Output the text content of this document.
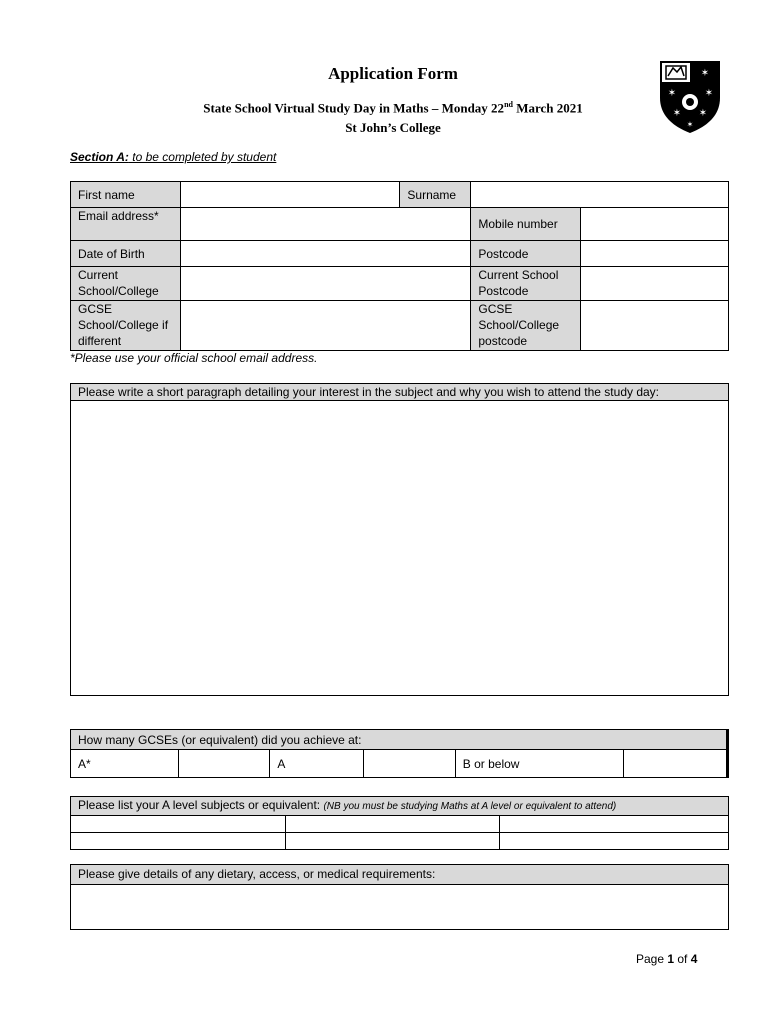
Application Form
State School Virtual Study Day in Maths – Monday 22nd March 2021
St John’s College
✶
✶	✶
✶ ✶
✶
Section A: to be completed by student
First name		Surname		
Email address*			Mobile number	
Date of Birth			Postcode	
Current School/College			Current School Postcode	
GCSE School/College if different			GCSE School/College postcode	
*Please use your official school email address.
Please write a short paragraph detailing your interest in the subject and why you wish to attend the study day:
How many GCSEs (or equivalent) did you achieve at:
A*		A		B or below	
Please list your A level subjects or equivalent: (NB you must be studying Maths at A level or equivalent to attend)		

Please give details of any dietary, access, or medical requirements:
Page 1 of 4
